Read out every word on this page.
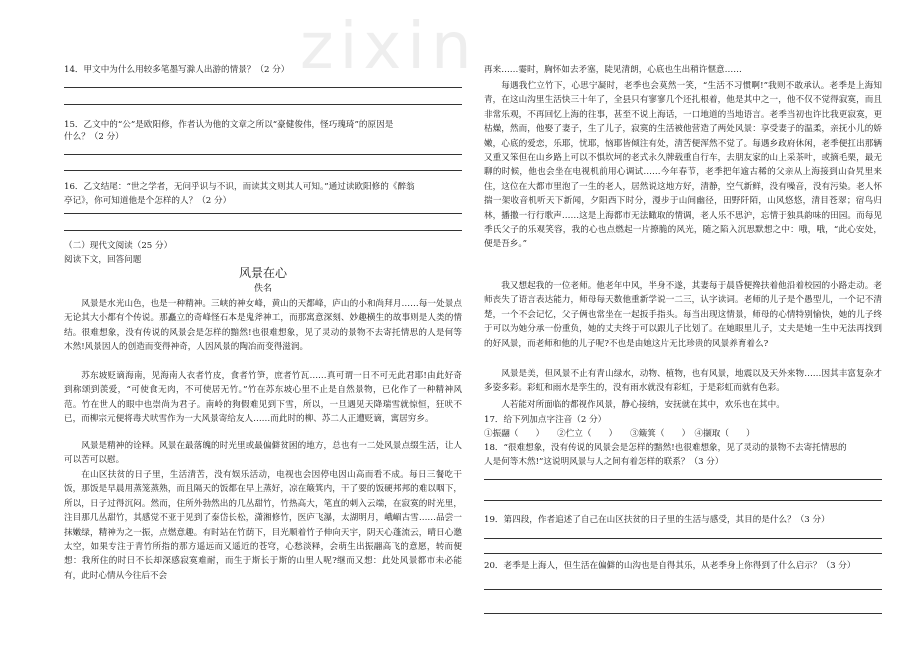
zixin
14．甲文中为什么用较多笔墨写滁人出游的情景？（2 分）
15．乙文中的“公”是欧阳修，作者认为他的文章之所以“豪健俊伟，怪巧瑰琦”的原因是
什么？（2 分）
16．乙文结尾：“世之学者，无问乎识与不识，而读其文则其人可知。”通过读欧阳修的《醉翁
亭记》，你可知道他是个怎样的人？（2 分）
（二）现代文阅读（25 分）
阅读下文，回答问题
风景在心
佚名
风景是水光山色，也是一种精神。三峡的神女峰，黄山的天都峰，庐山的小和尚拜月……每一处景点无论其大小都有个传说。那矗立的奇峰怪石本是鬼斧神工，而那寓意深刻、妙趣横生的故事则是人类的情结。很难想象，没有传说的风景会是怎样的黯然!也很难想象，见了灵动的景物不去寄托情思的人是何等木然!风景因人的创造而变得神奇，人因风景的陶冶而变得滋润。
苏东坡贬谪海南，见海南人衣者竹皮，食者竹笋，庶者竹瓦……真可谓一日不可无此君耶!由此好奇到称颂到羡爱，“可使食无肉，不可使居无竹。”竹在苏东坡心里不止是自然景物，已化作了一种精神风范。竹在世人的眼中也崇尚为君子。南岭的狗假难见到下雪，所以，一旦遇见天降瑞雪就惊恒，狂吠不已，而柳宗元便将毒犬吠雪作为一大风景寄给友人……而此时的柳、苏二人正遭贬谪，寓居穷乡。
风景是精神的诠释。风景在最落魄的时光里或最偏僻贫困的地方，总也有一二处风景点缀生活，让人可以苦可以慰。
在山区扶贫的日子里，生活清苦，没有娱乐活动，电视也会因停电因山高而看不成。每日三餐吃干饭，那饭是早晨用蒸笼蒸熟，而且隔天的饭都在早上蒸好，凉在簸箕内，干了要的饭硬邦邦的难以咽下，所以，日子过得沉闷。然而，住所外勃然出的几丛甜竹，竹热高大，笔直的刺入云端，在寂寞的时光里，注目那几丛甜竹，其感觉不亚于见到了泰岱长松，潇湘修竹，医庐飞瀑，太湖明月，峨嵋古雪……品尝一抹嫩绿，精神为之一振，点燃意趣。有时站在竹荫下，目光顺着竹子伸向天宇，阴天心蓬流云，晴日心邀太空，如果专注于青竹所指的那方遥远而又遥近的苍穹，心愁淡释，会萌生出振翮高飞的意愿，转而便想：我所住的时日不长却深感寂寞难耐，而生于斯长于斯的山里人呢?继而又想：此处风景都市未必能有，此时心情从今往后不会
再来……霎时，胸怀如去矛塞，陡见清朗，心底也生出稍许惬意……
每遇我伫立竹下，心思宁凝时，老季也会莫然一笑，“生活不习惯啊!”我则不敢承认。老季是上海知青，在这山沟里生活快三十年了，全县只有寥寥几个还扎根着，他是其中之一，他不仅不觉得寂寞，而且非常乐观，不再回忆上海的往事，甚至不说上海话，一口地道的当地语言。老季当初也许比我更寂寞，更枯燥，然而，他娶了妻子，生了儿子，寂寞的生活被他营造了两处风景：享受妻子的温柔，亲抚小儿的娇嫩，心底的爱恋，乐耶，忧耶，恼耶皆倾注有处，清苦便浑然不觉了。每遇乡政府休闲，老季便扛出那辆又重又笨但在山乡路上可以不惧坎坷的老式永久牌载重自行车，去朋友家的山上采茶叶，或摘毛栗，最无聊的时候，他也会坐在电视机前用心调试……今年春节，老季把年逾古稀的父亲从上海接到山旮旯里来住，这位在大都市里泡了一生的老人，居然说这地方好，清静，空气新鲜，没有噪音，没有污染。老人怀揣一架收音机听天下新闻，夕阳西下时分，漫步于山间幽径，田野阡陌，山风悠悠，清目苍翠；宿鸟归林，播撒一行行歌声……这是上海都市无法瞰取的情调，老人乐不思沪，忘情于独具韵味的田园。而每见季氏父子的乐观笑容，我的心也点燃起一片撩脆的风光，随之陷入沉思默想之中：哦，哦，“此心安处，便是吾乡。”
我又想起我的一位老师。他老年中风，半身不遂，其妻每于晨昏便搀扶着他沿着校园的小路走动。老师丧失了语言表达能力，师母每天数他重新学说一二三，认字读词。老师的儿子是个愚型儿，一个记不清楚，一个不会记忆，父子俩也常坐在一起扳手指头。每当出现这情景，师母的心情特别愉快，她的儿子终于可以为她分承一份重负，她的丈夫终于可以跟儿子比划了。在她眼里儿子，丈夫是她一生中无法再找到的好风景，而老师和他的儿子呢?不也是由她这片无比珍贵的风景养育着么?
风景是美，但风景不止有青山绿水，动物、植物，也有风景，地震以及天外来物……因其丰富复杂才多姿多彩。彩虹和雨水是孪生的，没有雨水就没有彩虹，于是彩虹而就有色彩。
人若能对所面临的都视作风景，静心接纳，安抚就在其中，欢乐也在其中。
17．给下列加点字注音（2 分）
①振翮（　　）　　②伫立（　　）　　③簸箕（　　）　④撷取（　　）
18．“很难想象，没有传说的风景会是怎样的黯然!也很难想象，见了灵动的景物不去寄托情思的
人是何等木然!”这说明风景与人之间有着怎样的联系？（3 分）
19．第四段，作者追述了自己在山区扶贫的日子里的生活与感受，其目的是什么？（3 分）
20．老季是上海人，但生活在偏僻的山沟也是自得其乐，从老季身上你得到了什么启示？（3 分）
